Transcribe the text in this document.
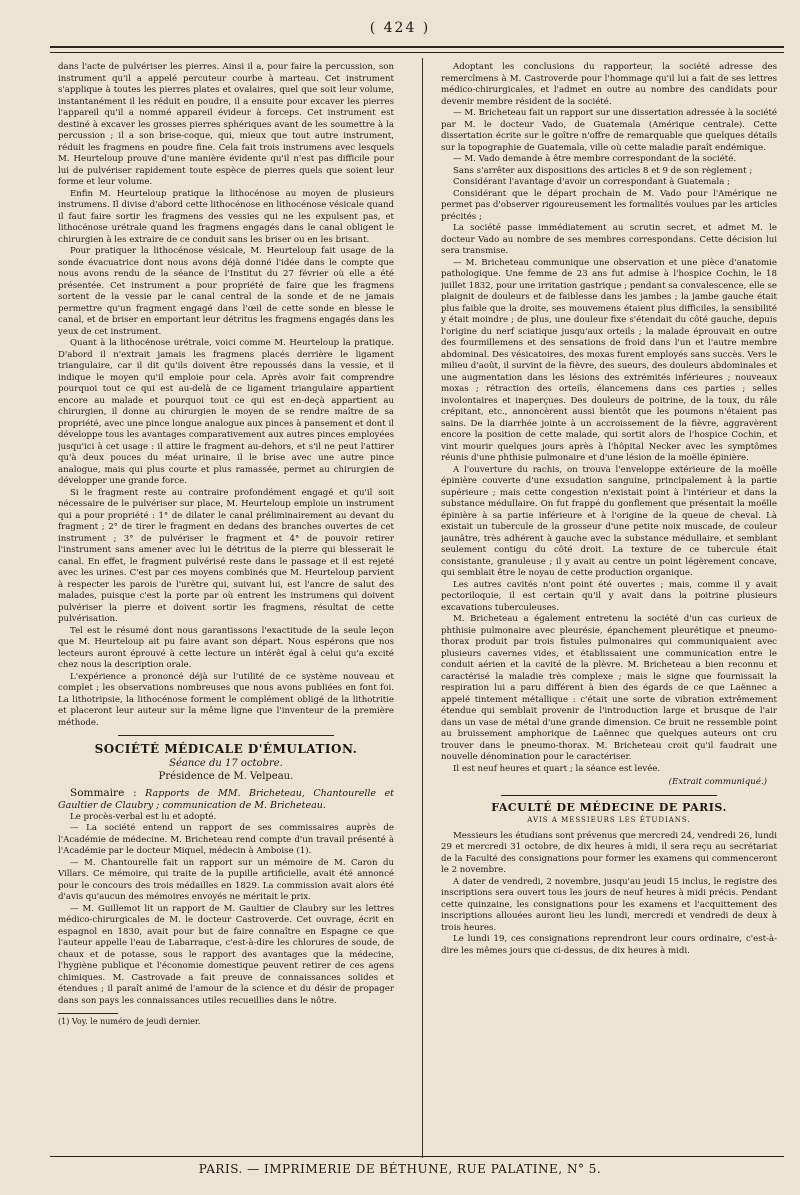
( 424 )

dans l'acte de pulvériser les pierres. Ainsi il a, pour faire la percussion, son instrument qu'il a appelé percuteur courbe à marteau. Cet instrument s'applique à toutes les pierres plates et ovalaires, quel que soit leur volume, instantanément il les réduit en poudre, il a ensuite pour excaver les pierres l'appareil qu'il a nommé appareil évideur à forceps. Cet instrument est destiné à excaver les grosses pierres sphériques avant de les soumettre à la percussion ; il a son brise-coque, qui, mieux que tout autre instrument, réduit les fragmens en poudre fine. Cela fait trois instrumens avec lesquels M. Heurteloup prouve d'une manière évidente qu'il n'est pas difficile pour lui de pulvériser rapidement toute espèce de pierres quels que soient leur forme et leur volume.

Enfin M. Heurteloup pratique la lithocénose au moyen de plusieurs instrumens. Il divise d'abord cette lithocénose en lithocénose vésicale quand il faut faire sortir les fragmens des vessies qui ne les expulsent pas, et lithocénose urétrale quand les fragmens engagés dans le canal obligent le chirurgien à les extraire de ce conduit sans les briser ou en les brisant.

Pour pratiquer la lithocénose vésicale, M. Heurteloup fait usage de la sonde évacuatrice dont nous avons déjà donné l'idée dans le compte que nous avons rendu de la séance de l'Institut du 27 février où elle a été présentée. Cet instrument a pour propriété de faire que les fragmens sortent de la vessie par le canal central de la sonde et de ne jamais permettre qu'un fragment engagé dans l'œil de cette sonde en blesse le canal, et de briser en emportant leur détritus les fragmens engagés dans les yeux de cet instrument.

Quant à la lithocénose urétrale, voici comme M. Heurteloup la pratique. D'abord il n'extrait jamais les fragmens placés derrière le ligament triangulaire, car il dit qu'ils doivent être repoussés dans la vessie, et il indique le moyen qu'il emploie pour cela. Après avoir fait comprendre pourquoi tout ce qui est au-delà de ce ligament triangulaire appartient encore au malade et pourquoi tout ce qui est en-deçà appartient au chirurgien, il donne au chirurgien le moyen de se rendre maître de sa propriété, avec une pince longue analogue aux pinces à pansement et dont il développe tous les avantages comparativement aux autres pinces employées jusqu'ici à cet usage : il attire le fragment au-dehors, et s'il ne peut l'attirer qu'à deux pouces du méat urinaire, il le brise avec une autre pince analogue, mais qui plus courte et plus ramassée, permet au chirurgien de développer une grande force.

Si le fragment reste au contraire profondément engagé et qu'il soit nécessaire de le pulvériser sur place, M. Heurteloup emploie un instrument qui a pour propriété : 1° de dilater le canal préliminairement au devant du fragment ; 2° de tirer le fragment en dedans des branches ouvertes de cet instrument ; 3° de pulvériser le fragment et 4° de pouvoir retirer l'instrument sans amener avec lui le détritus de la pierre qui blesserait le canal. En effet, le fragment pulvérisé reste dans le passage et il est rejeté avec les urines. C'est par ces moyens combinés que M. Heurteloup parvient à respecter les parois de l'urètre qui, suivant lui, est l'ancre de salut des malades, puisque c'est la porte par où entrent les instrumens qui doivent pulvériser la pierre et doivent sortir les fragmens, résultat de cette pulvérisation.

Tel est le résumé dont nous garantissons l'exactitude de la seule leçon que M. Heurteloup ait pu faire avant son départ. Nous espérons que nos lecteurs auront éprouvé à cette lecture un intérêt égal à celui qu'a excité chez nous la description orale.

L'expérience a prononcé déjà sur l'utilité de ce système nouveau et complet ; les observations nombreuses que nous avons publiées en font foi. La lithotripsie, la lithocénose forment le complément obligé de la lithotritie et placeront leur auteur sur la même ligne que l'inventeur de la première méthode.

SOCIÉTÉ MÉDICALE D'ÉMULATION.
Séance du 17 octobre.
Présidence de M. Velpeau.

Sommaire : Rapports de MM. Bricheteau, Chantourelle et Gaultier de Claubry ; communication de M. Bricheteau.

Le procès-verbal est lu et adopté.

— La société entend un rapport de ses commissaires auprès de l'Académie de médecine. M. Bricheteau rend compte d'un travail présenté à l'Académie par le docteur Miquel, médecin à Amboise (1).

— M. Chantourelle fait un rapport sur un mémoire de M. Caron du Villars. Ce mémoire, qui traite de la pupille artificielle, avait été annoncé pour le concours des trois médailles en 1829. La commission avait alors été d'avis qu'aucun des mémoires envoyés ne méritait le prix.

— M. Guillemot lit un rapport de M. Gaultier de Claubry sur les lettres médico-chirurgicales de M. le docteur Castroverde. Cet ouvrage, écrit en espagnol en 1830, avait pour but de faire connaître en Espagne ce que l'auteur appelle l'eau de Labarraque, c'est-à-dire les chlorures de soude, de chaux et de potasse, sous le rapport des avantages que la médecine, l'hygiène publique et l'économie domestique peuvent retirer de ces agens chimiques. M. Castrovade a fait preuve de connaissances solides et étendues ; il paraît animé de l'amour de la science et du désir de propager dans son pays les connaissances utiles recueillies dans le nôtre.

(1) Voy. le numéro de jeudi dernier.

Adoptant les conclusions du rapporteur, la société adresse des remercîmens à M. Castroverde pour l'hommage qu'il lui a fait de ses lettres médico-chirurgicales, et l'admet en outre au nombre des candidats pour devenir membre résident de la société.

— M. Bricheteau fait un rapport sur une dissertation adressée à la société par M. le docteur Vado, de Guatemala (Amérique centrale). Cette dissertation écrite sur le goître n'offre de remarquable que quelques détails sur la topographie de Guatemala, ville où cette maladie paraît endémique.

— M. Vado demande à être membre correspondant de la société.

Sans s'arrêter aux dispositions des articles 8 et 9 de son règlement ;

Considérant l'avantage d'avoir un correspondant à Guatemala ;

Considérant que le départ prochain de M. Vado pour l'Amérique ne permet pas d'observer rigoureusement les formalités voulues par les articles précités ;

La société passe immédiatement au scrutin secret, et admet M. le docteur Vado au nombre de ses membres correspondans. Cette décision lui sera transmise.

— M. Bricheteau communique une observation et une pièce d'anatomie pathologique. Une femme de 23 ans fut admise à l'hospice Cochin, le 18 juillet 1832, pour une irritation gastrique ; pendant sa convalescence, elle se plaignit de douleurs et de faiblesse dans les jambes ; la jambe gauche était plus faible que la droite, ses mouvemens étaient plus difficiles, la sensibilité y était moindre ; de plus, une douleur fixe s'étendait du côté gauche, depuis l'origine du nerf sciatique jusqu'aux orteils ; la malade éprouvait en outre des fourmillemens et des sensations de froid dans l'un et l'autre membre abdominal. Des vésicatoires, des moxas furent employés sans succès. Vers le milieu d'août, il survint de la fièvre, des sueurs, des douleurs abdominales et une augmentation dans les lésions des extrémités inférieures ; nouveaux moxas ; rétraction des orteils, élancemens dans ces parties ; selles involontaires et inaperçues. Des douleurs de poitrine, de la toux, du râle crépitant, etc., annoncèrent aussi bientôt que les poumons n'étaient pas sains. De la diarrhée jointe à un accroissement de la fièvre, aggravèrent encore la position de cette malade, qui sortit alors de l'hospice Cochin, et vint mourir quelques jours après à l'hôpital Necker avec les symptômes réunis d'une phthisie pulmonaire et d'une lésion de la moëlle épinière.

A l'ouverture du rachis, on trouva l'enveloppe extérieure de la moëlle épinière couverte d'une exsudation sanguine, principalement à la partie supérieure ; mais cette congestion n'existait point à l'intérieur et dans la substance médullaire. On fut frappé du gonflement que présentait la moëlle épinière à sa partie inférieure et à l'origine de la queue de cheval. Là existait un tubercule de la grosseur d'une petite noix muscade, de couleur jaunâtre, très adhérent à gauche avec la substance médullaire, et semblant seulement contigu du côté droit. La texture de ce tubercule était consistante, granuleuse ; il y avait au centre un point légèrement concave, qui semblait être le noyau de cette production organique.

Les autres cavités n'ont point été ouvertes ; mais, comme il y avait pectoriloquie, il est certain qu'il y avait dans la poitrine plusieurs excavations tuberculeuses.

M. Bricheteau a également entretenu la société d'un cas curieux de phthisie pulmonaire avec pleurésie, épanchement pleurétique et pneumo-thorax produit par trois fistules pulmonaires qui communiquaient avec plusieurs cavernes vides, et établissaient une communication entre le conduit aérien et la cavité de la plèvre. M. Bricheteau a bien reconnu et caractérisé la maladie très complexe ; mais le signe que fournissait la respiration lui a paru différent à bien des égards de ce que Laënnec a appelé tintement métallique : c'était une sorte de vibration extrêmement étendue qui semblait provenir de l'introduction large et brusque de l'air dans un vase de métal d'une grande dimension. Ce bruit ne ressemble point au bruissement amphorique de Laënnec que quelques auteurs ont cru trouver dans le pneumo-thorax. M. Bricheteau croit qu'il faudrait une nouvelle dénomination pour le caractériser.

Il est neuf heures et quart ; la séance est levée.

(Extrait communiqué.)
FACULTÉ DE MÉDECINE DE PARIS.
AVIS A MESSIEURS LES ÉTUDIANS.

Messieurs les étudians sont prévenus que mercredi 24, vendredi 26, lundi 29 et mercredi 31 octobre, de dix heures à midi, il sera reçu au secrétariat de la Faculté des consignations pour former les examens qui commenceront le 2 novembre.

A dater de vendredi, 2 novembre, jusqu'au jeudi 15 inclus, le registre des inscriptions sera ouvert tous les jours de neuf heures à midi précis. Pendant cette quinzaine, les consignations pour les examens et l'acquittement des inscriptions allouées auront lieu les lundi, mercredi et vendredi de deux à trois heures.

Le lundi 19, ces consignations reprendront leur cours ordinaire, c'est-à-dire les mêmes jours que ci-dessus, de dix heures à midi.

PARIS. — IMPRIMERIE DE BÉTHUNE, RUE PALATINE, N° 5.
